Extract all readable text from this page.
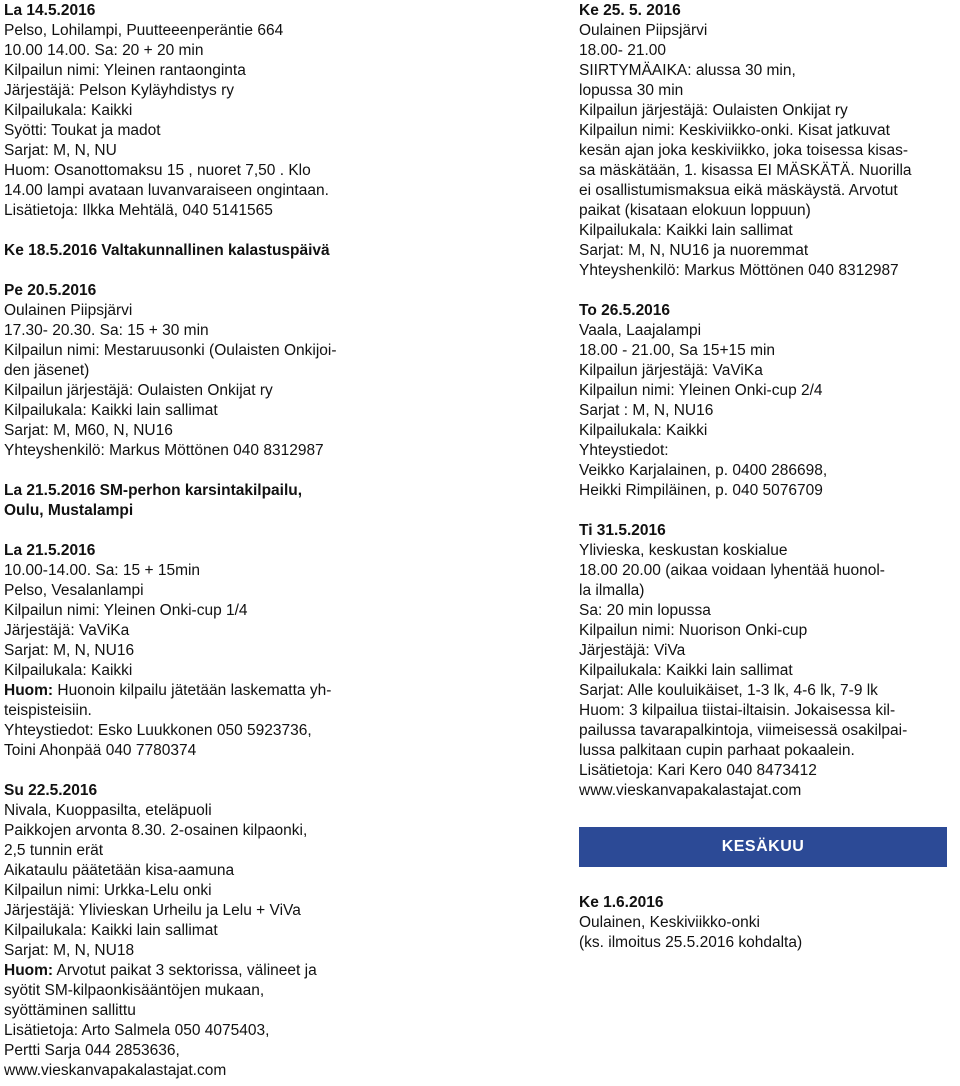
La 14.5.2016
Pelso, Lohilampi, Puutteeenperäntie 664
10.00 14.00. Sa: 20 + 20 min
Kilpailun nimi: Yleinen rantaonginta
Järjestäjä: Pelson Kyläyhdistys ry
Kilpailukala: Kaikki
Syötti: Toukat ja madot
Sarjat: M, N, NU
Huom: Osanottomaksu 15 , nuoret 7,50 . Klo
14.00 lampi avataan luvanvaraiseen ongintaan.
Lisätietoja: Ilkka Mehtälä, 040 5141565
Ke 18.5.2016 Valtakunnallinen kalastuspäivä
Pe 20.5.2016
Oulainen Piipsjärvi
17.30- 20.30. Sa: 15 + 30 min
Kilpailun nimi: Mestaruusonki (Oulaisten Onkijoi-
den jäsenet)
Kilpailun järjestäjä: Oulaisten Onkijat ry
Kilpailukala: Kaikki lain sallimat
Sarjat: M, M60, N, NU16
Yhteyshenkilö: Markus Möttönen 040 8312987
La 21.5.2016 SM-perhon karsintakilpailu,
Oulu, Mustalampi
La 21.5.2016
10.00-14.00. Sa: 15 + 15min
Pelso, Vesalanlampi
Kilpailun nimi: Yleinen Onki-cup 1/4
Järjestäjä: VaViKa
Sarjat: M, N, NU16
Kilpailukala: Kaikki
Huom: Huonoin kilpailu jätetään laskematta yh-
teispisteisiin.
Yhteystiedot: Esko Luukkonen 050 5923736,
Toini Ahonpää 040 7780374
Su 22.5.2016
Nivala, Kuoppasilta, eteläpuoli
Paikkojen arvonta 8.30. 2-osainen kilpaonki,
2,5 tunnin erät
Aikataulu päätetään kisa-aamuna
Kilpailun nimi: Urkka-Lelu onki
Järjestäjä: Ylivieskan Urheilu ja Lelu + ViVa
Kilpailukala: Kaikki lain sallimat
Sarjat: M, N, NU18
Huom: Arvotut paikat 3 sektorissa, välineet ja
syötit SM-kilpaonkisääntöjen mukaan,
syöttäminen sallittu
Lisätietoja: Arto Salmela 050 4075403,
Pertti Sarja 044 2853636,
www.vieskanvapakalastajat.com
Ke 25. 5. 2016
Oulainen Piipsjärvi
18.00- 21.00
SIIRTYMÄAIKA: alussa 30 min,
lopussa 30 min
Kilpailun järjestäjä: Oulaisten Onkijat ry
Kilpailun nimi: Keskiviikko-onki. Kisat jatkuvat
kesän ajan joka keskiviikko, joka toisessa kisas-
sa mäskätään, 1. kisassa EI MÄSKÄTÄ. Nuorilla
ei osallistumismaksua eikä mäskäystä. Arvotut
paikat (kisataan elokuun loppuun)
Kilpailukala: Kaikki lain sallimat
Sarjat: M, N, NU16 ja nuoremmat
Yhteyshenkilö: Markus Möttönen 040 8312987
To 26.5.2016
Vaala, Laajalampi
18.00 - 21.00, Sa 15+15 min
Kilpailun järjestäjä: VaViKa
Kilpailun nimi: Yleinen Onki-cup 2/4
Sarjat : M, N, NU16
Kilpailukala: Kaikki
Yhteystiedot:
Veikko Karjalainen, p. 0400 286698,
Heikki Rimpiläinen, p. 040 5076709
Ti 31.5.2016
Ylivieska, keskustan koskialue
18.00 20.00 (aikaa voidaan lyhentää huonol-
la ilmalla)
Sa: 20 min lopussa
Kilpailun nimi: Nuorison Onki-cup
Järjestäjä: ViVa
Kilpailukala: Kaikki lain sallimat
Sarjat: Alle kouluikäiset, 1-3 lk, 4-6 lk, 7-9 lk
Huom: 3 kilpailua tiistai-iltaisin. Jokaisessa kil-
pailussa tavarapalkintoja, viimeisessä osakilpai-
lussa palkitaan cupin parhaat pokaalein.
Lisätietoja: Kari Kero 040 8473412
www.vieskanvapakalastajat.com
KESÄKUU
Ke 1.6.2016
Oulainen, Keskiviikko-onki
(ks. ilmoitus 25.5.2016 kohdalta)
